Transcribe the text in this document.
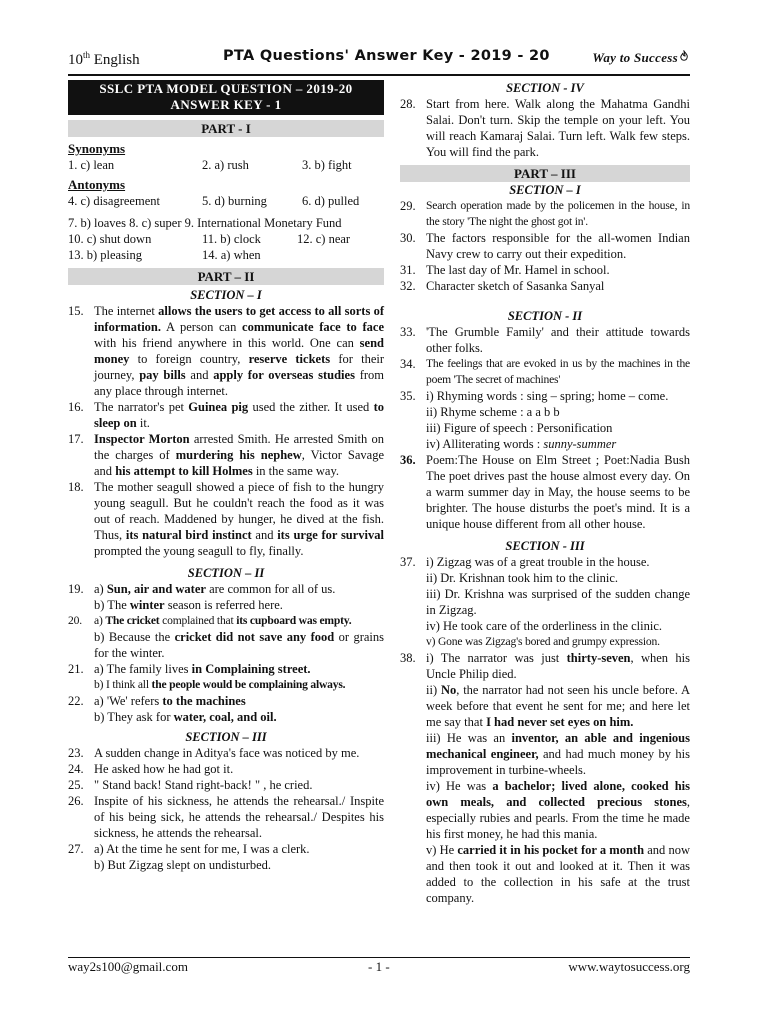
10th English	PTA Questions' Answer Key - 2019 - 20	Way to Success
SSLC PTA MODEL QUESTION – 2019-20
ANSWER KEY - 1
PART - I
Synonyms
1. c) lean	2. a) rush	3. b) fight
Antonyms
4. c) disagreement	5. d) burning	6. d) pulled
7. b) loaves 8. c) super 9. International Monetary Fund
10. c) shut down	11. b) clock	12. c) near
13. b) pleasing	14. a) when
PART – II
SECTION – I
15. The internet allows the users to get access to all sorts of information. A person can communicate face to face with his friend anywhere in this world. One can send money to foreign country, reserve tickets for their journey, pay bills and apply for overseas studies from any place through internet.
16. The narrator's pet Guinea pig used the zither. It used to sleep on it.
17. Inspector Morton arrested Smith. He arrested Smith on the charges of murdering his nephew, Victor Savage and his attempt to kill Holmes in the same way.
18. The mother seagull showed a piece of fish to the hungry young seagull. But he couldn't reach the food as it was out of reach. Maddened by hunger, he dived at the fish. Thus, its natural bird instinct and its urge for survival prompted the young seagull to fly, finally.
SECTION – II
19. a) Sun, air and water are common for all of us.
b) The winter season is referred here.
20.	a) The cricket complained that its cupboard was empty.
b) Because the cricket did not save any food or grains for the winter.
21. a) The family lives in Complaining street.
b) I think all the people would be complaining always.
22. a) 'We' refers to the machines
b) They ask for water, coal, and oil.
SECTION – III
23. A sudden change in Aditya's face was noticed by me.
24. He asked how he had got it.
25. " Stand back! Stand right-back! " , he cried.
26. Inspite of his sickness, he attends the rehearsal./ Inspite of his being sick, he attends the rehearsal./ Despites his sickness, he attends the rehearsal.
27. a) At the time he sent for me, I was a clerk.
b) But Zigzag slept on undisturbed.
SECTION - IV
28. Start from here. Walk along the Mahatma Gandhi Salai. Don't turn. Skip the temple on your left. You will reach Kamaraj Salai. Turn left. Walk few steps. You will find the park.
PART – III
SECTION – I
29. Search operation made by the policemen in the house, in the story 'The night the ghost got in'.
30. The factors responsible for the all-women Indian Navy crew to carry out their expedition.
31. The last day of Mr. Hamel in school.
32. Character sketch of Sasanka Sanyal
SECTION - II
33. 'The Grumble Family' and their attitude towards other folks.
34. The feelings that are evoked in us by the machines in the poem 'The secret of machines'
35. i) Rhyming words : sing – spring; home – come.
ii) Rhyme scheme : a a b b
iii) Figure of speech : Personification
iv) Alliterating words : sunny-summer
36. Poem:The House on Elm Street ; Poet:Nadia Bush The poet drives past the house almost every day. On a warm summer day in May, the house seems to be brighter. The house disturbs the poet's mind. It is a unique house different from all other house.
SECTION - III
37. i) Zigzag was of a great trouble in the house.
ii) Dr. Krishnan took him to the clinic.
iii) Dr. Krishna was surprised of the sudden change in Zigzag.
iv) He took care of the orderliness in the clinic.
v) Gone was Zigzag's bored and grumpy expression.
38. i) The narrator was just thirty-seven, when his Uncle Philip died.
ii) No, the narrator had not seen his uncle before. A week before that event he sent for me; and here let me say that I had never set eyes on him.
iii) He was an inventor, an able and ingenious mechanical engineer, and had much money by his improvement in turbine-wheels.
iv) He was a bachelor; lived alone, cooked his own meals, and collected precious stones, especially rubies and pearls. From the time he made his first money, he had this mania.
v) He carried it in his pocket for a month and now and then took it out and looked at it. Then it was added to the collection in his safe at the trust company.
way2s100@gmail.com	- 1 -	www.waytosuccess.org
